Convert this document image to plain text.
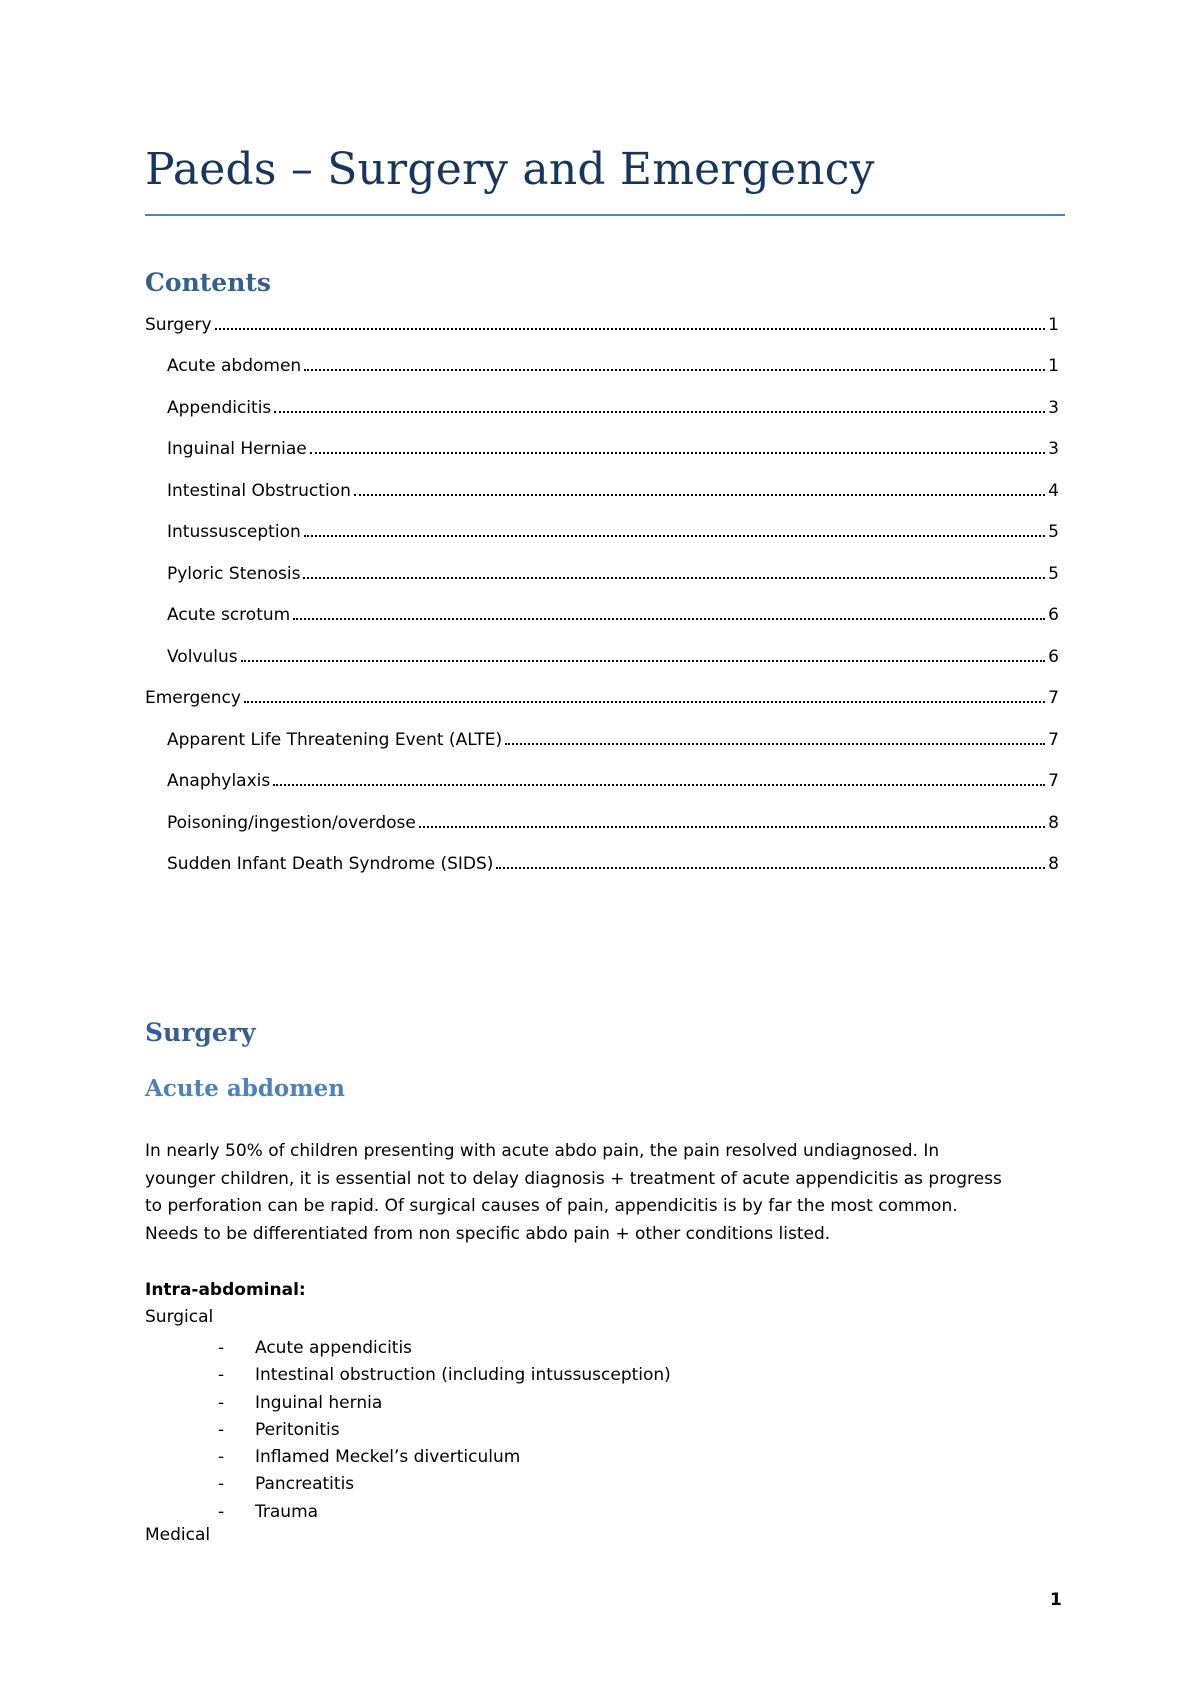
Paeds – Surgery and Emergency
Contents
Surgery	1
Acute abdomen	1
Appendicitis	3
Inguinal Herniae	3
Intestinal Obstruction	4
Intussusception	5
Pyloric Stenosis	5
Acute scrotum	6
Volvulus	6
Emergency	7
Apparent Life Threatening Event (ALTE)	7
Anaphylaxis	7
Poisoning/ingestion/overdose	8
Sudden Infant Death Syndrome (SIDS)	8
Surgery
Acute abdomen

In nearly 50% of children presenting with acute abdo pain, the pain resolved undiagnosed. In
younger children, it is essential not to delay diagnosis + treatment of acute appendicitis as progress
to perforation can be rapid. Of surgical causes of pain, appendicitis is by far the most common.
Needs to be differentiated from non specific abdo pain + other conditions listed.

Intra-abdominal:
Surgical
- Acute appendicitis
- Intestinal obstruction (including intussusception)
- Inguinal hernia
- Peritonitis
- Inflamed Meckel’s diverticulum
- Pancreatitis
- Trauma
Medical
1
